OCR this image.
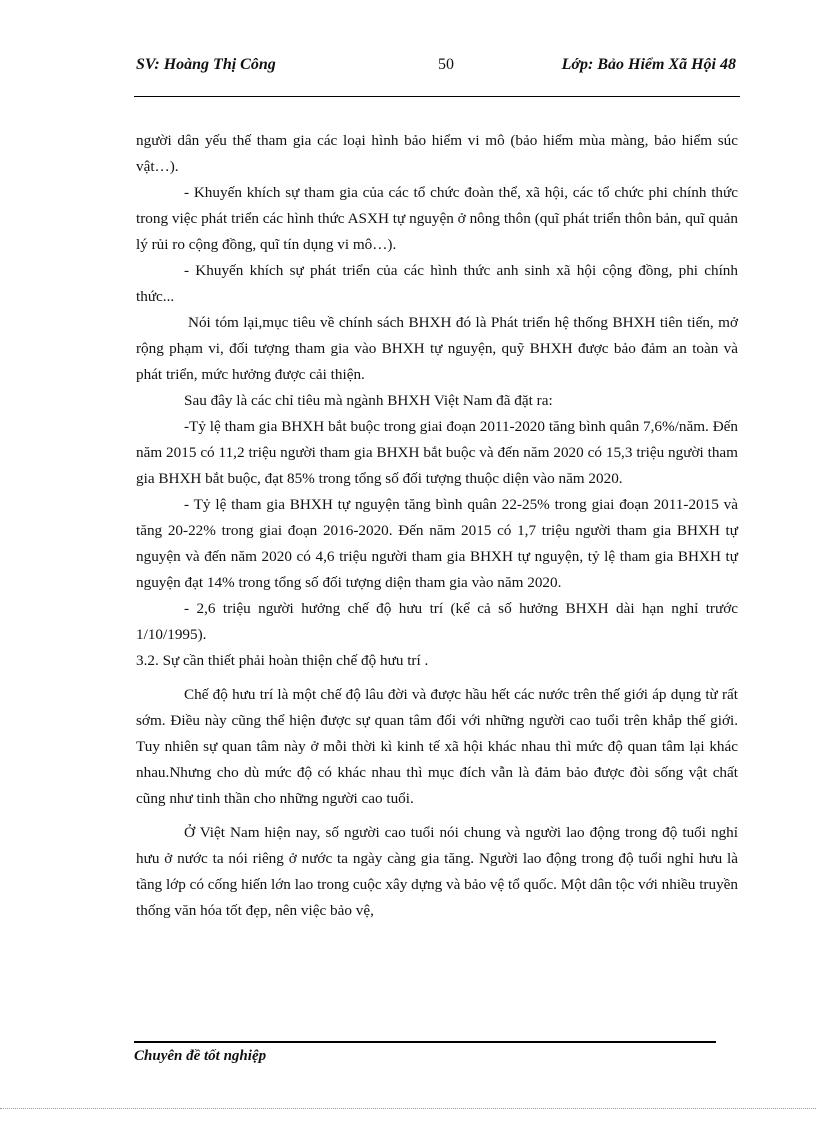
SV: Hoàng Thị Công	50	Lớp: Bảo Hiểm Xã Hội 48

người dân yếu thế tham gia các loại hình bảo hiểm vi mô (bảo hiểm mùa màng, bảo hiểm súc vật…).

- Khuyến khích sự tham gia của các tổ chức đoàn thể, xã hội, các tổ chức phi chính thức trong việc phát triển các hình thức ASXH tự nguyện ở nông thôn (quĩ phát triển thôn bản, quĩ quản lý rủi ro cộng đồng, quĩ tín dụng vi mô…).

- Khuyến khích sự phát triển của các hình thức anh sinh xã hội cộng đồng, phi chính thức...

Nói tóm lại,mục tiêu về chính sách BHXH đó là Phát triển hệ thống BHXH tiên tiến, mở rộng phạm vi, đối tượng tham gia vào BHXH tự nguyện, quỹ BHXH được bảo đảm an toàn và phát triển, mức hưởng được cải thiện.

Sau đây là các chỉ tiêu mà ngành BHXH Việt Nam đã đặt ra:

-Tỷ lệ tham gia BHXH bắt buộc trong giai đoạn 2011-2020 tăng bình quân 7,6%/năm. Đến năm 2015 có 11,2 triệu người tham gia BHXH bắt buộc và đến năm 2020 có 15,3 triệu người tham gia BHXH bắt buộc, đạt 85% trong tổng số đối tượng thuộc diện vào năm 2020.

- Tỷ lệ tham gia BHXH tự nguyện tăng bình quân 22-25% trong giai đoạn 2011-2015 và tăng 20-22% trong giai đoạn 2016-2020. Đến năm 2015 có 1,7 triệu người tham gia BHXH tự nguyện và đến năm 2020 có 4,6 triệu người tham gia BHXH tự nguyện, tỷ lệ tham gia BHXH tự nguyện đạt 14% trong tổng số đối tượng diện tham gia vào năm 2020.

- 2,6 triệu người hưởng chế độ hưu trí (kể cả số hưởng BHXH dài hạn nghỉ trước 1/10/1995).

3.2. Sự cần thiết phải hoàn thiện chế độ hưu trí .

Chế độ hưu trí là một chế độ lâu đời và được hầu hết các nước trên thế giới áp dụng từ rất sớm. Điều này cũng thể hiện được sự quan tâm đối với những người cao tuổi trên khắp thế giới. Tuy nhiên sự quan tâm này ở mỗi thời kì kinh tế xã hội khác nhau thì mức độ quan tâm lại khác nhau.Nhưng cho dù mức độ có khác nhau thì mục đích vẫn là đảm bảo được đòi sống vật chất cũng như tinh thần cho những người cao tuổi.

Ở Việt Nam hiện nay, số người cao tuổi nói chung và người lao động trong độ tuổi nghỉ hưu ở nước ta nói riêng ở nước ta ngày càng gia tăng. Người lao động trong độ tuổi nghỉ hưu là tầng lớp có cống hiến lớn lao trong cuộc xây dựng và bảo vệ tổ quốc. Một dân tộc với nhiều truyền thống văn hóa tốt đẹp, nên việc bảo vệ,

Chuyên đề tốt nghiệp
